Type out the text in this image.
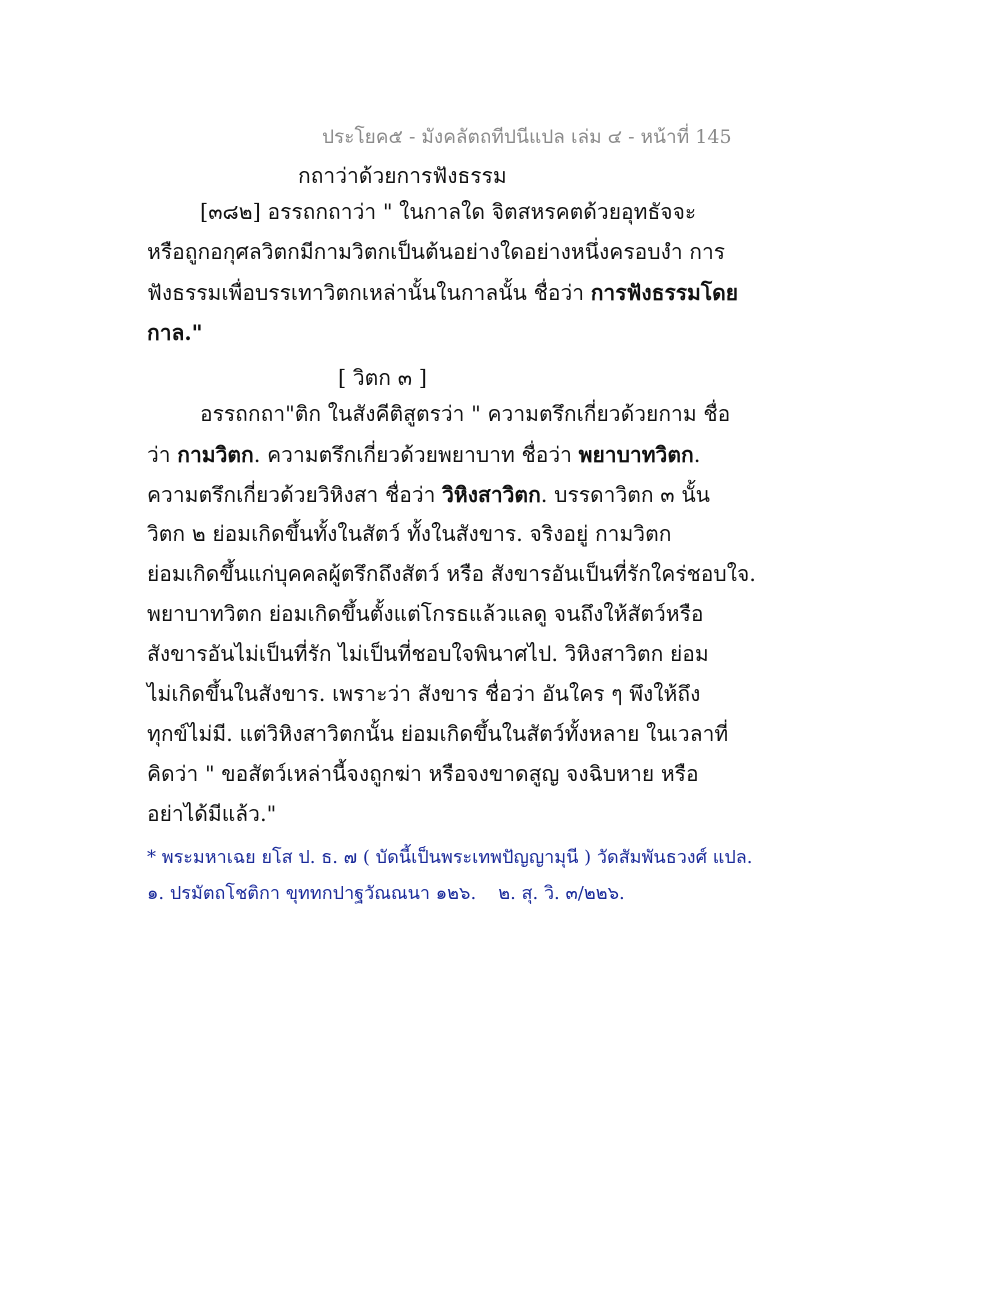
ประโยค๕ - มังคลัตถทีปนีแปล เล่ม ๔ - หน้าที่ 145
กถาว่าด้วยการฟังธรรม
[๓๘๒] อรรถกถาว่า " ในกาลใด จิตสหรคตด้วยอุทธัจจะ
หรือถูกอกุศลวิตกมีกามวิตกเป็นต้นอย่างใดอย่างหนึ่งครอบงำ การ
ฟังธรรมเพื่อบรรเทาวิตกเหล่านั้นในกาลนั้น ชื่อว่า การฟังธรรมโดย
กาล."
[ วิตก ๓ ]
อรรถกถา"ติก ในสังคีติสูตรว่า " ความตรึกเกี่ยวด้วยกาม ชื่อ
ว่า กามวิตก. ความตรึกเกี่ยวด้วยพยาบาท ชื่อว่า พยาบาทวิตก.
ความตรึกเกี่ยวด้วยวิหิงสา ชื่อว่า วิหิงสาวิตก. บรรดาวิตก ๓ นั้น
วิตก ๒ ย่อมเกิดขึ้นทั้งในสัตว์ ทั้งในสังขาร. จริงอยู่ กามวิตก
ย่อมเกิดขึ้นแก่บุคคลผู้ตรึกถึงสัตว์ หรือ สังขารอันเป็นที่รักใคร่ชอบใจ.
พยาบาทวิตก ย่อมเกิดขึ้นตั้งแต่โกรธแล้วแลดู จนถึงให้สัตว์หรือ
สังขารอันไม่เป็นที่รัก ไม่เป็นที่ชอบใจพินาศไป. วิหิงสาวิตก ย่อม
ไม่เกิดขึ้นในสังขาร. เพราะว่า สังขาร ชื่อว่า อันใคร ๆ พึงให้ถึง
ทุกข์ไม่มี. แต่วิหิงสาวิตกนั้น ย่อมเกิดขึ้นในสัตว์ทั้งหลาย ในเวลาที่
คิดว่า " ขอสัตว์เหล่านี้จงถูกฆ่า หรือจงขาดสูญ จงฉิบหาย หรือ
อย่าได้มีแล้ว."
* พระมหาเฉย ยโส ป. ธ. ๗ ( บัดนี้เป็นพระเทพปัญญามุนี ) วัดสัมพันธวงศ์ แปล.
๑. ปรมัตถโชติกา ขุททกปาฐวัณณนา ๑๒๖. ๒. สุ. วิ. ๓/๒๒๖.
